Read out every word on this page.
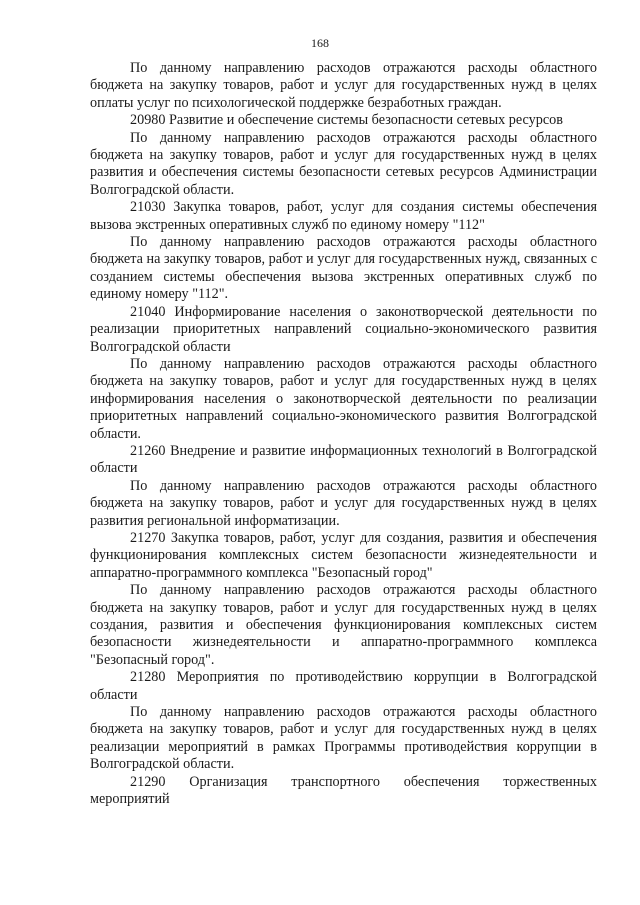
168

По данному направлению расходов отражаются расходы областного бюджета на закупку товаров, работ и услуг для государственных нужд в целях оплаты услуг по психологической поддержке безработных граждан.

20980 Развитие и обеспечение системы безопасности сетевых ресурсов

По данному направлению расходов отражаются расходы областного бюджета на закупку товаров, работ и услуг для государственных нужд в целях развития и обеспечения системы безопасности сетевых ресурсов Администрации Волгоградской области.

21030 Закупка товаров, работ, услуг для создания системы обеспечения вызова экстренных оперативных служб по единому номеру "112"

По данному направлению расходов отражаются расходы областного бюджета на закупку товаров, работ и услуг для государственных нужд, связанных с созданием системы обеспечения вызова экстренных оперативных служб по единому номеру "112".

21040 Информирование населения о законотворческой деятельности по реализации приоритетных направлений социально-экономического развития Волгоградской области

По данному направлению расходов отражаются расходы областного бюджета на закупку товаров, работ и услуг для государственных нужд в целях информирования населения о законотворческой деятельности по реализации приоритетных направлений социально-экономического развития Волгоградской области.

21260 Внедрение и развитие информационных технологий в Волгоградской области

По данному направлению расходов отражаются расходы областного бюджета на закупку товаров, работ и услуг для государственных нужд в целях развития региональной информатизации.

21270 Закупка товаров, работ, услуг для создания, развития и обеспечения функционирования комплексных систем безопасности жизнедеятельности и аппаратно-программного комплекса "Безопасный город"

По данному направлению расходов отражаются расходы областного бюджета на закупку товаров, работ и услуг для государственных нужд в целях создания, развития и обеспечения функционирования комплексных систем безопасности жизнедеятельности и аппаратно-программного комплекса "Безопасный город".

21280 Мероприятия по противодействию коррупции в Волгоградской области

По данному направлению расходов отражаются расходы областного бюджета на закупку товаров, работ и услуг для государственных нужд в целях реализации мероприятий в рамках Программы противодействия коррупции в Волгоградской области.

21290 Организация транспортного обеспечения торжественных мероприятий
